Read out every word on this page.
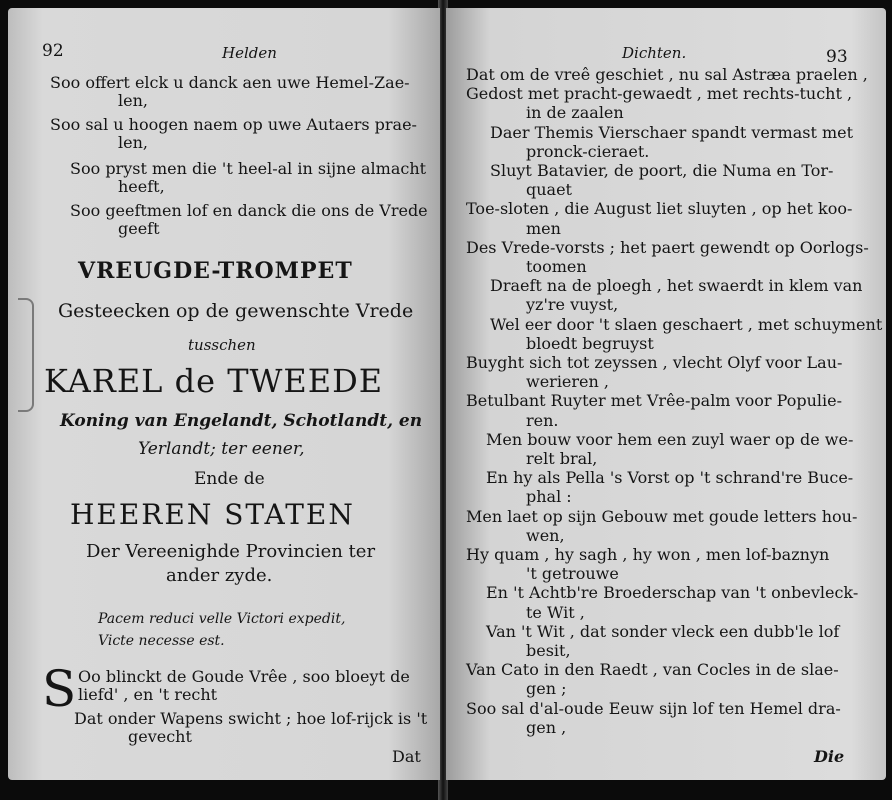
92	Helden
Soo offert elck u danck aen uwe Hemel-Zae-
len,
Soo sal u hoogen naem op uwe Autaers prae-
len,
Soo pryst men die 't heel-al in sijne almacht
heeft,
Soo geeftmen lof en danck die ons de Vrede
geeft
VREUGDE-TROMPET
Gesteecken op de gewenschte Vrede
tusschen
KAREL de TWEEDE
Koning van Engelandt, Schotlandt, en
Yerlandt; ter eener,
Ende de
HEEREN STATEN
Der Vereenighde Provincien ter
ander zyde.
Pacem reduci velle Victori expedit,
Victe necesse est.
S Oo blinckt de Goude Vrêe , soo bloeyt de
liefd' , en 't recht
Dat onder Wapens swicht ; hoe lof-rijck is 't
gevecht
Dat
Dichten.	93
Dat om de vreê geschiet , nu sal Astræa praelen ,
Gedost met pracht-gewaedt , met rechts-tucht ,
in de zaalen
Daer Themis Vierschaer spandt vermast met
pronck-cieraet.
Sluyt Batavier, de poort, die Numa en Tor-
quaet
Toe-sloten , die August liet sluyten , op het koo-
men
Des Vrede-vorsts ; het paert gewendt op Oorlogs-
toomen
Draeft na de ploegh , het swaerdt in klem van
yz're vuyst,
Wel eer door 't slaen geschaert , met schuyment
bloedt begruyst
Buyght sich tot zeyssen , vlecht Olyf voor Lau-
werieren ,
Betulbant Ruyter met Vrêe-palm voor Populie-
ren.
Men bouw voor hem een zuyl waer op de we-
relt bral,
En hy als Pella 's Vorst op 't schrand're Buce-
phal :
Men laet op sijn Gebouw met goude letters hou-
wen,
Hy quam , hy sagh , hy won , men lof-baznyn
't getrouwe
En 't Achtb're Broederschap van 't onbevleck-
te Wit ,
Van 't Wit , dat sonder vleck een dubb'le lof
besit,
Van Cato in den Raedt , van Cocles in de slae-
gen ;
Soo sal d'al-oude Eeuw sijn lof ten Hemel dra-
gen ,
Die
